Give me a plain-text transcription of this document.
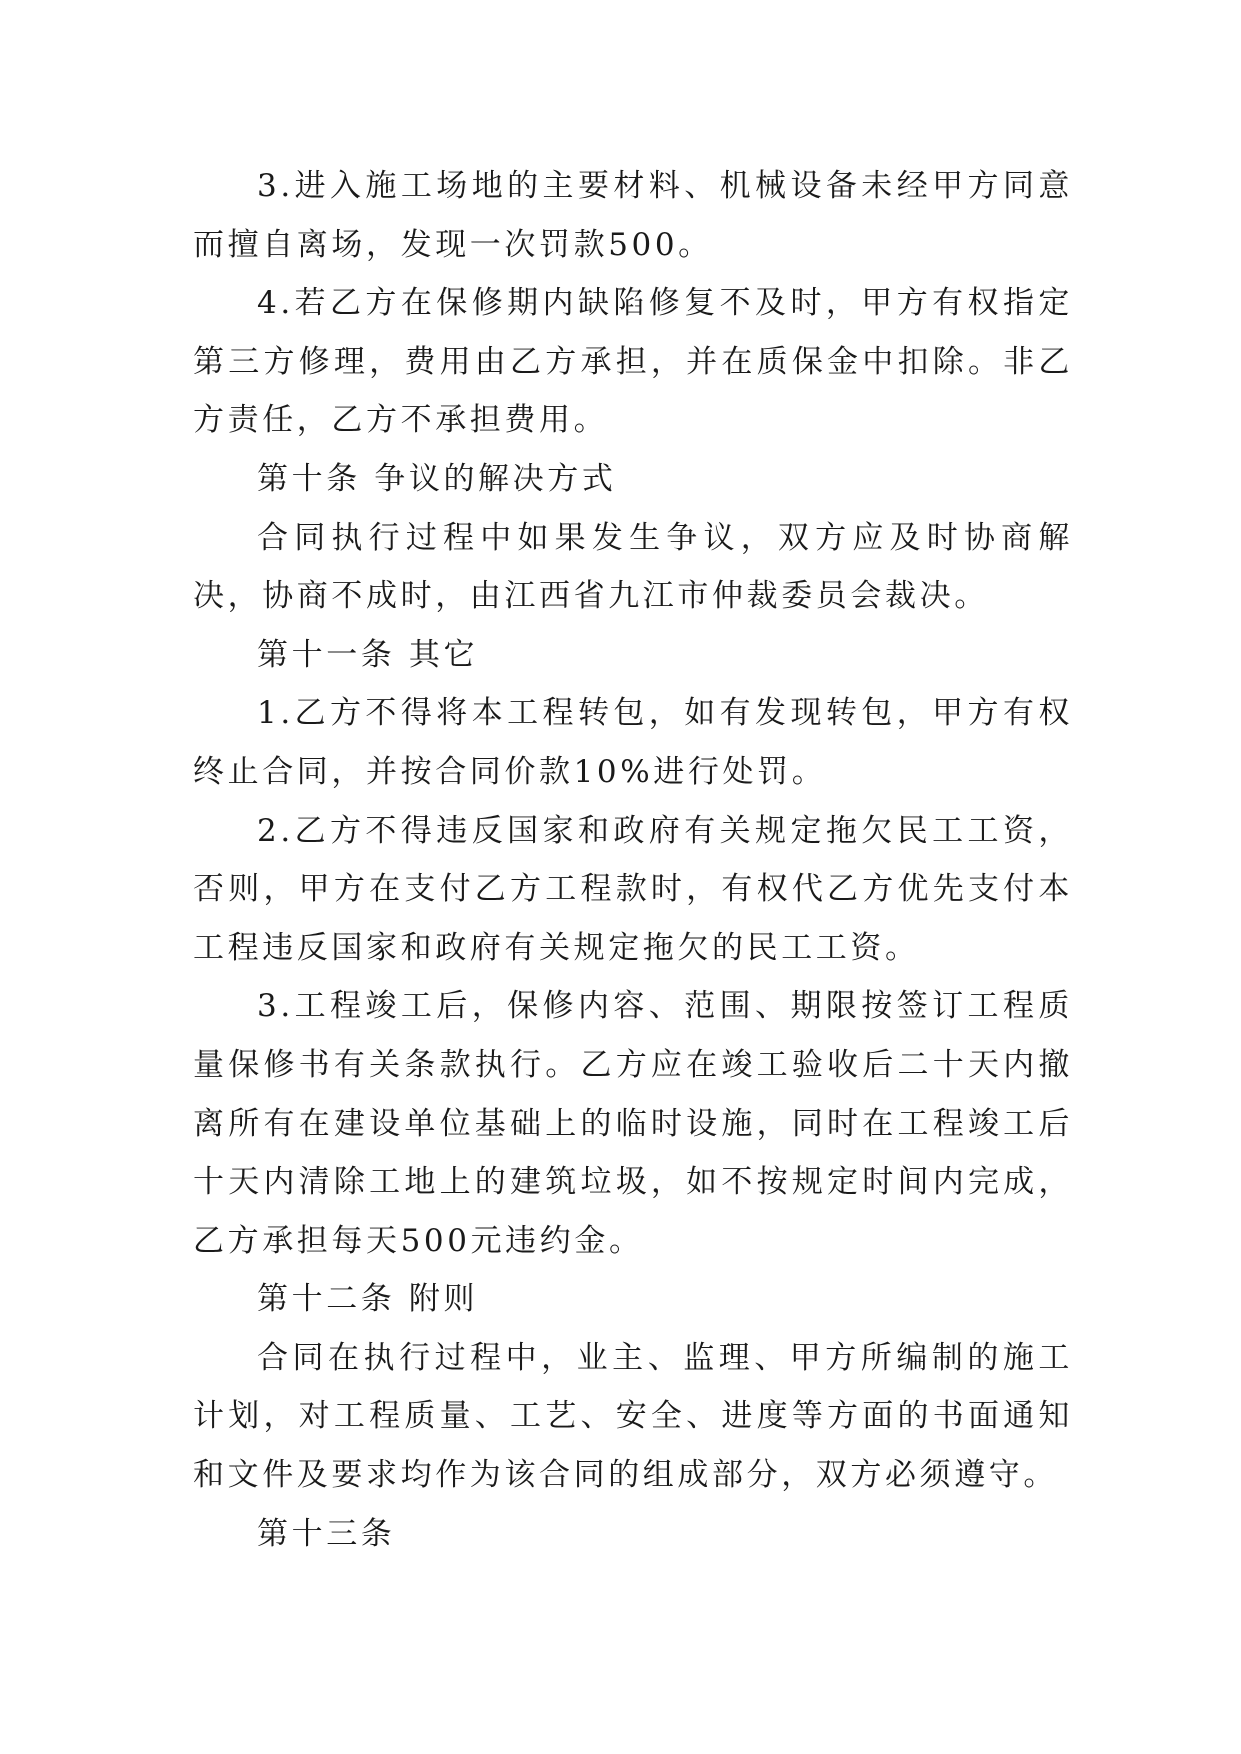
3.进入施工场地的主要材料、机械设备未经甲方同意而擅自离场，发现一次罚款500。

4.若乙方在保修期内缺陷修复不及时，甲方有权指定第三方修理，费用由乙方承担，并在质保金中扣除。非乙方责任，乙方不承担费用。

第十条 争议的解决方式

合同执行过程中如果发生争议，双方应及时协商解决，协商不成时，由江西省九江市仲裁委员会裁决。

第十一条 其它

1.乙方不得将本工程转包，如有发现转包，甲方有权终止合同，并按合同价款10%进行处罚。

2.乙方不得违反国家和政府有关规定拖欠民工工资，否则，甲方在支付乙方工程款时，有权代乙方优先支付本工程违反国家和政府有关规定拖欠的民工工资。

3.工程竣工后，保修内容、范围、期限按签订工程质量保修书有关条款执行。乙方应在竣工验收后二十天内撤离所有在建设单位基础上的临时设施，同时在工程竣工后十天内清除工地上的建筑垃圾，如不按规定时间内完成，乙方承担每天500元违约金。

第十二条 附则

合同在执行过程中，业主、监理、甲方所编制的施工计划，对工程质量、工艺、安全、进度等方面的书面通知和文件及要求均作为该合同的组成部分，双方必须遵守。

第十三条
